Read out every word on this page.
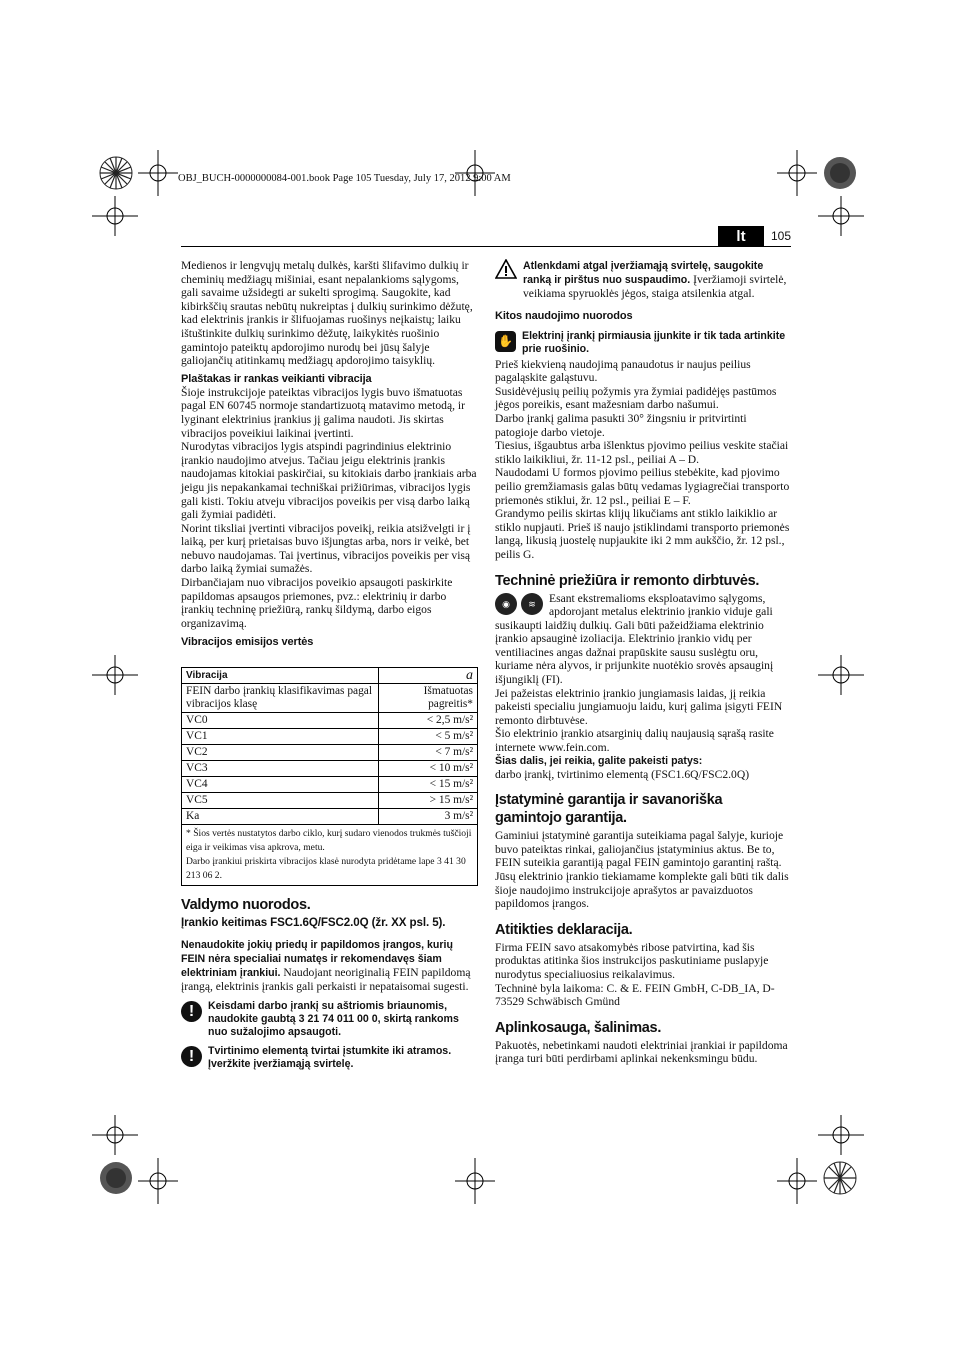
OBJ_BUCH-0000000084-001.book Page 105 Tuesday, July 17, 2012 9:00 AM
lt	105

Medienos ir lengvųjų metalų dulkės, karšti šlifavimo dulkių ir cheminių medžiagų mišiniai, esant nepalankioms sąlygoms, gali savaime užsidegti ar sukelti sprogimą. Saugokite, kad kibirkščių srautas nebūtų nukreiptas į dulkių surinkimo dėžutę, kad elektrinis įrankis ir šlifuojamas ruošinys neįkaistų; laiku ištuštinkite dulkių surinkimo dėžutę, laikykitės ruošinio gamintojo pateiktų apdorojimo nurodų bei jūsų šalyje galiojančių atitinkamų medžiagų apdorojimo taisyklių.

Plaštakas ir rankas veikianti vibracija

Šioje instrukcijoje pateiktas vibracijos lygis buvo išmatuotas pagal EN 60745 normoje standartizuotą matavimo metodą, ir lyginant elektrinius įrankius jį galima naudoti. Jis skirtas vibracijos poveikiui laikinai įvertinti.

Nurodytas vibracijos lygis atspindi pagrindinius elektrinio įrankio naudojimo atvejus. Tačiau jeigu elektrinis įrankis naudojamas kitokiai paskirčiai, su kitokiais darbo įrankiais arba jeigu jis nepakankamai techniškai prižiūrimas, vibracijos lygis gali kisti. Tokiu atveju vibracijos poveikis per visą darbo laiką gali žymiai padidėti.

Norint tiksliai įvertinti vibracijos poveikį, reikia atsižvelgti ir į laiką, per kurį prietaisas buvo išjungtas arba, nors ir veikė, bet nebuvo naudojamas. Tai įvertinus, vibracijos poveikis per visą darbo laiką žymiai sumažės.

Dirbančiajam nuo vibracijos poveikio apsaugoti paskirkite papildomas apsaugos priemones, pvz.: elektrinių ir darbo įrankių techninę priežiūrą, rankų šildymą, darbo eigos organizavimą.

Vibracijos emisijos vertės
Vibracija	a
FEIN darbo įrankių klasifikavimas pagal vibracijos klasę	Išmatuotas pagreitis*
VC0	< 2,5 m/s²
VC1	< 5 m/s²
VC2	< 7 m/s²
VC3	< 10 m/s²
VC4	< 15 m/s²
VC5	> 15 m/s²
Ka	3 m/s²

* Šios vertės nustatytos darbo ciklo, kurį sudaro vienodos trukmės tuščioji eiga ir veikimas visa apkrova, metu.
Darbo įrankiui priskirta vibracijos klasė nurodyta pridėtame lape 3 41 30 213 06 2.	
Valdymo nuorodos.
Įrankio keitimas FSC1.6Q/FSC2.0Q (žr. XX psl. 5).

Nenaudokite jokių priedų ir papildomos įrangos, kurių FEIN nėra specialiai numatęs ir rekomendavęs šiam elektriniam įrankiui. Naudojant neoriginalią FEIN papildomą įrangą, elektrinis įrankis gali perkaisti ir nepataisomai sugesti.

!	Keisdami darbo įrankį su aštriomis briaunomis, naudokite gaubtą 3 21 74 011 00 0, skirtą rankoms nuo sužalojimo apsaugoti.
!	Tvirtinimo elementą tvirtai įstumkite iki atramos. Įveržkite įveržiamąją svirtelę.
Atlenkdami atgal įveržiamąją svirtelę, saugokite ranką ir pirštus nuo suspaudimo. Įveržiamoji svirtelė, veikiama spyruoklės jėgos, staiga atsilenkia atgal.
Kitos naudojimo nuorodos
✋ Elektrinį įrankį pirmiausia įjunkite ir tik tada artinkite prie ruošinio.

Prieš kiekvieną naudojimą panaudotus ir naujus peilius pagaląskite galąstuvu.

Susidėvėjusių peilių požymis yra žymiai padidėjęs pastūmos jėgos poreikis, esant mažesniam darbo našumui.

Darbo įrankį galima pasukti 30° žingsniu ir pritvirtinti patogioje darbo vietoje.

Tiesius, išgaubtus arba išlenktus pjovimo peilius veskite stačiai stiklo laikikliui, žr. 11-12 psl., peiliai A – D.

Naudodami U formos pjovimo peilius stebėkite, kad pjovimo peilio gremžiamasis galas būtų vedamas lygiagrečiai transporto priemonės stiklui, žr. 12 psl., peiliai E – F.

Grandymo peilis skirtas klijų likučiams ant stiklo laikiklio ar stiklo nupjauti. Prieš iš naujo įstiklindami transporto priemonės langą, likusią juostelę nupjaukite iki 2 mm aukščio, žr. 12 psl., peilis G.

Techninė priežiūra ir remonto dirbtuvės.

◉	≋	Esant ekstremalioms eksploatavimo sąlygoms, apdorojant metalus elektrinio įrankio viduje gali susikaupti laidžių dulkių. Gali būti pažeidžiama elektrinio įrankio apsauginė izoliacija. Elektrinio įrankio vidų per ventiliacines angas dažnai prapūskite sausu suslėgtu oru, kuriame nėra alyvos, ir prijunkite nuotėkio srovės apsauginį išjungiklį (FI).

Jei pažeistas elektrinio įrankio jungiamasis laidas, jį reikia pakeisti specialiu jungiamuoju laidu, kurį galima įsigyti FEIN remonto dirbtuvėse.

Šio elektrinio įrankio atsarginių dalių naujausią sąrašą rasite internete www.fein.com.

Šias dalis, jei reikia, galite pakeisti patys:

darbo įrankį, tvirtinimo elementą (FSC1.6Q/FSC2.0Q)

Įstatyminė garantija ir savanoriška gamintojo garantija.

Gaminiui įstatyminė garantija suteikiama pagal šalyje, kurioje buvo pateiktas rinkai, galiojančius įstatyminius aktus. Be to, FEIN suteikia garantiją pagal FEIN gamintojo garantinį raštą.

Jūsų elektrinio įrankio tiekiamame komplekte gali būti tik dalis šioje naudojimo instrukcijoje aprašytos ar pavaizduotos papildomos įrangos.

Atitikties deklaracija.

Firma FEIN savo atsakomybės ribose patvirtina, kad šis produktas atitinka šios instrukcijos paskutiniame puslapyje nurodytus specialiuosius reikalavimus.

Techninė byla laikoma: C. & E. FEIN GmbH, C-DB_IA, D-73529 Schwäbisch Gmünd

Aplinkosauga, šalinimas.

Pakuotės, nebetinkami naudoti elektriniai įrankiai ir papildoma įranga turi būti perdirbami aplinkai nekenksmingu būdu.
